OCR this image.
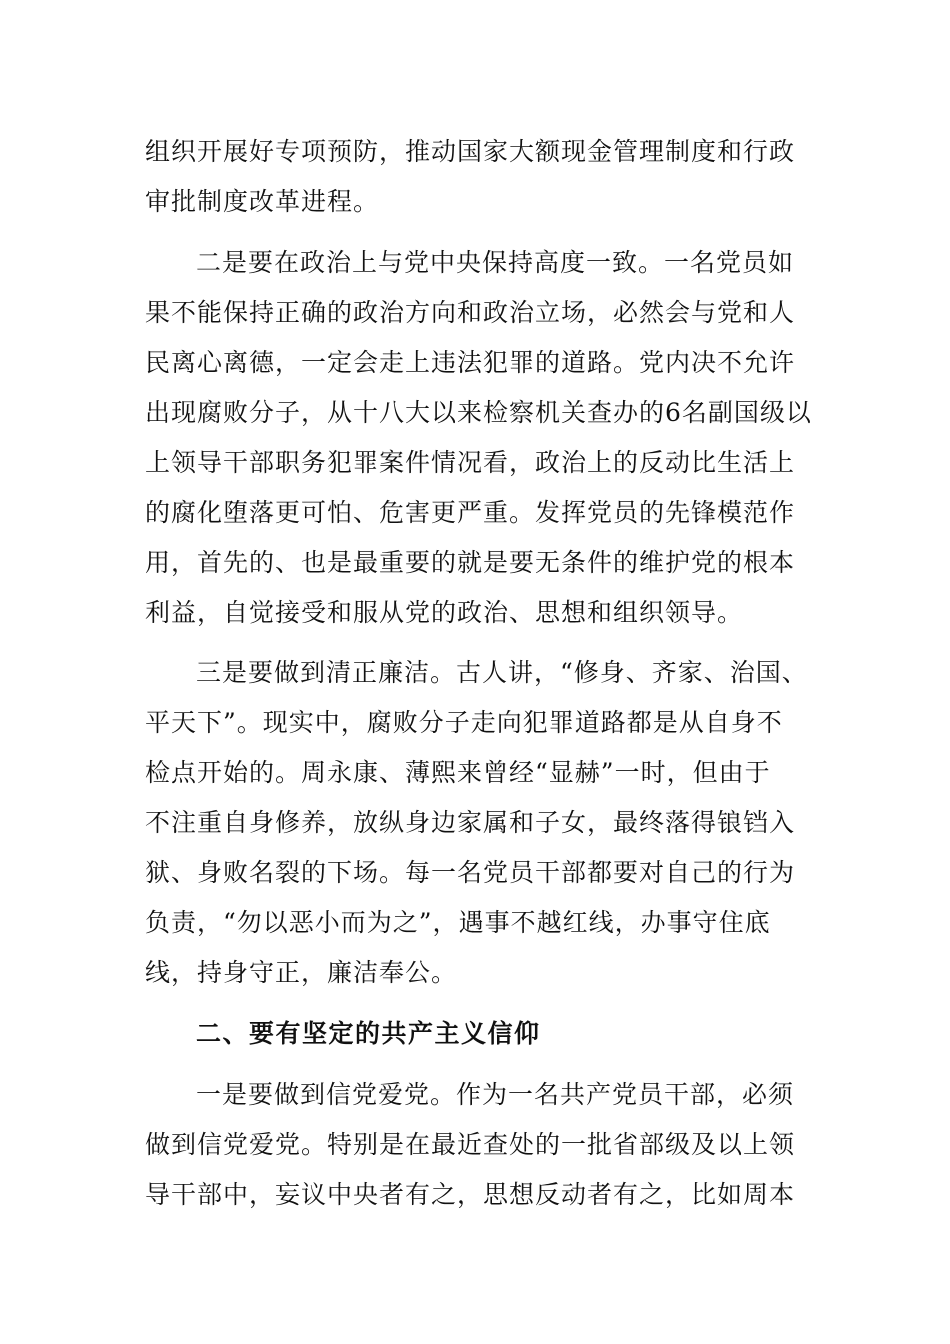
组织开展好专项预防，推动国家大额现金管理制度和行政
审批制度改革进程。
二是要在政治上与党中央保持高度一致。一名党员如
果不能保持正确的政治方向和政治立场，必然会与党和人
民离心离德，一定会走上违法犯罪的道路。党内决不允许
出现腐败分子，从十八大以来检察机关查办的6名副国级以
上领导干部职务犯罪案件情况看，政治上的反动比生活上
的腐化堕落更可怕、危害更严重。发挥党员的先锋模范作
用，首先的、也是最重要的就是要无条件的维护党的根本
利益，自觉接受和服从党的政治、思想和组织领导。
三是要做到清正廉洁。古人讲，“修身、齐家、治国、
平天下”。现实中，腐败分子走向犯罪道路都是从自身不
检点开始的。周永康、薄熙来曾经“显赫”一时，但由于
不注重自身修养，放纵身边家属和子女，最终落得锒铛入
狱、身败名裂的下场。每一名党员干部都要对自己的行为
负责，“勿以恶小而为之”，遇事不越红线，办事守住底
线，持身守正，廉洁奉公。
二、要有坚定的共产主义信仰
一是要做到信党爱党。作为一名共产党员干部，必须
做到信党爱党。特别是在最近查处的一批省部级及以上领
导干部中，妄议中央者有之，思想反动者有之，比如周本
